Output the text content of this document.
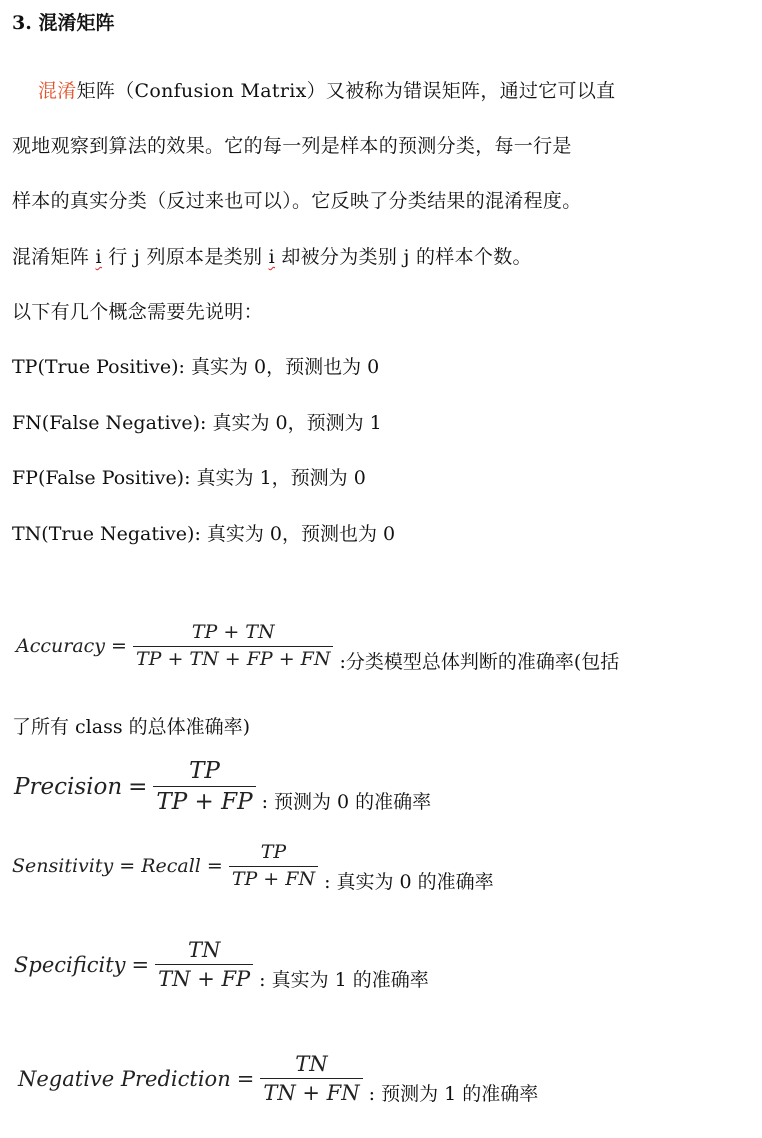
3. 混淆矩阵
混淆矩阵（Confusion Matrix）又被称为错误矩阵，通过它可以直
观地观察到算法的效果。它的每一列是样本的预测分类，每一行是
样本的真实分类（反过来也可以）。它反映了分类结果的混淆程度。
混淆矩阵 i 行 j 列原本是类别 i 却被分为类别 j 的样本个数。
以下有几个概念需要先说明：
TP(True Positive): 真实为 0，预测也为 0
FN(False Negative): 真实为 0，预测为 1
FP(False Positive): 真实为 1，预测为 0
TN(True Negative): 真实为 0，预测也为 0
Accuracy = $\frac{TP + TN}{TP + TN + FP + FN}$ :分类模型总体判断的准确率(包括
了所有 class 的总体准确率)
Precision = $\frac{TP}{TP + FP}$ : 预测为 0 的准确率
Sensitivity = Recall = $\frac{TP}{TP + FN}$ : 真实为 0 的准确率
Specificity = $\frac{TN}{TN + FP}$ : 真实为 1 的准确率
Negative Prediction = $\frac{TN}{TN + FN}$ : 预测为 1 的准确率
